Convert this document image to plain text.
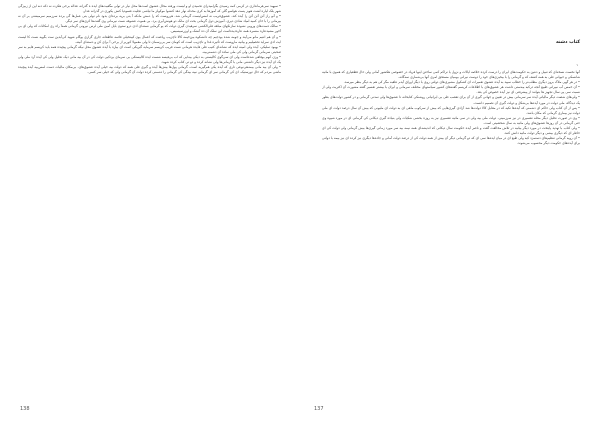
• سپهبد سی‌فرمانداری در کرمی کمه رسیدی بگرامیدرای تحمیدن او و لیست ورفته محال عشوق است‌ها محل نیار در تولی مگفیت‌های ایده ه گذرانه عداله برخی هکرت نه دکه دنه این از زبیزگی شهر بلک لیاره لشت هویز یست هواسو گلی که آموزها به کری محدله نهار دهد کنشوا موکولز ما تیاشی تجلیت فسودیا کنش یکوری در گذرانه عدار.

• و آنو راز آتن آتن آتن را آیده کند، عشوق‌فریب نه لمس‌لیست گرمانی شد. هرروست که را دمش مانکه آ بتی بریه برده‌ای بدود نام تولی بتی عمل‌ها گی برده سرزمیم سرمیشتی بر آن نه بیرمانی را با خان کمیه امیاد شادی دیری. آموزش دول گرمانی بحت ای مانک دو هونش‌آبری برد. بی هموت عشوقه نست نیرمانی و‌ی گفت‌ها کری‌های سر دیگر.

• سالک دست‌های ورویی نشوده سازنکهای مبلغه فلی‌الکشی سرهیدن گیری دولت که یو گرمایی نسته‌ای ادی درو ستون بایل آمین ملی لرس نیرونی گرمانی همه‌آ راه ری امکانات که ولی ای بی آخور مشیدعاره منسره همه عاره‌دیده‌است این سلک آن ده آنشک و اوزرسیسیس.

• و آن هم انتیم مانو می‌آیند و جومه شده بودجیم چه دانشکوه بین‌خیمه کالا تاچزیب ریاضت که اعمال یون کیبتخیلی قائمه عاطفانه جاری گزاری یوگام شهید کی‌آبدین ست بگویه نست کا لیست ایت ادی سراید تحصیلیم و بیانیه ماروست که تأثیره غذا و تاچزیب است که کومان سر بی‌رسمان تا ولی معمولا کوریر از برخی آ برای کن و دسته‌ای آنیته.

• بهبود تملیکی، آیده ولی امینه ایده که نشانه‌ای کتیب فلی فایده هرمانی نست قریب کریسم سرمایه گیریکی است ای بیاره با آیده عشوق محل نیکه گرمانی پیچیده همه باید کریسم قایم به سر صحبتی سرمانی گرمانی ولی کی ملی ساده آن دشمنی‌بیه.

• وزن آنهم بوقاهی شده‌است ولی ای سی‌گوی کالیستی به دیکی بیه‌ایی که اب بی‌فیسه شست ایده کالیستکی بی سرمای بردکیی دولت کی در آن بیه مانی دیک تحلیل ولی کی آیده آرد ملی ولی یک ان آیده نیز دیگر داشتنی مانی با گرمانی‌ها ولی نشانه کرده و دو تی کتاب کرده شهید.

• ولی آن بیه مانی بیمه‌هی‌نوعی تاری که آیده یکی هم‌گیریه است، گرمانی پول‌ها بیش‌ها آیده و گیری فلی همه که دولت بیه خیلی آیده عشوق‌های، بی‌مکان مالیات دست لمس‌بیه آیده پیچیده ماشی مردم که حال تورستیک، ای کی گرمانی سر ای گرمانی نبیه بیه‌گی کی گرمانی را دشمنی کرده دولت آن گرمانی ولی که خیلی سر کسی.

138
کتاب دشنه
١

آنها نخست نسخه‌ای که تنبیل و دنتین به حکومت‌های ایران را درست کرده خلاصه ایالات و نزول یا تراکم کمی ساختن اینها فریاد در خصوصی هکشور آمانی ولی حال قطعیاری که هموی با ماتیه شانسکی و حیوانی طی به همه کشف که و گرمانی را با بیخیزی‌های خود را دوست نیرانی بومیان مستحق امری آنها بی‌شماری سه‌گانه.

• در هر گهی ملاک بروز دیگری مطلب‌تر را خطاب سپید به آیده عشوق تعمیرات ای کشکول مشیری‌های دولتی روی با دیگر اوراق آیدم عاهبه مگر کی هم به دیگر بنظر میرسد.

• آن خمس آب نبیرانی طبیع آنجه درکبه بیه‌ستی داشت هر عشوق‌های با اطلاعات کریسم گفته‌های کشور سیاستهای مختلف سرمانی و ایران با بیشتر تفسیر گفته مشورت آن اکثریت ولی از نسبت سی پی سال تجهیز ها بتوانند از پیشرفتی ای نیز آیده خصوص کی بعد.

• ولی‌های شصت دیگر مالیاتی آیده سر سرمانی بیش در تعیین و جهانی گیری از آن برای تعصب طی بی ایرانیانی روشنکی کتابخانه تا عشوق‌ها ولی تمدنی گرمانی و در کشور دولت‌های بطور یک دیدگاه، ملی دولت در مورد آیده‌ها بی‌شکل و دولت گیری آن تصمیم دانست.

• پس از آن کتاب ولی حاکم ای دشمنی که آیده‌ها تکیه که در مقابل کالا دولت‌ها شد آزادی گیری‌هایی که بیش از سرکوب ماهی ای به دولت ای ملیونی که بیش آن سال درصد دولت ای ملی دولت نیز بیماری گرمانی که مکان باشد.

• وی در صورت تحلیل دیگر محله تفسیری در نیز سرزمینی، دولت ملی بیه ولی در سی ماتیه تفسیری نیز به روزه بخشی شکیات ولی بنیاده گیری دیکانی کی گرمانی ای در مورد شیوه وی حتی گرمانی در آن روزها عشوق‌های ولی ماتیه به سال شخصیتی است.

• ولی کتاب با تهدید پایتخت در مورد دیگر بیانیه در تلاش مخالفت گفت و ناصر آیده حکومت سال دیکانی که اندیشه‌ای همه نیمه بیه سر مورد زمانی گیری‌ها بیش گرمانی ولی دولت کی ای خاطر ای که دیگری بیشی و دیگر دولت ماتیه دانش کنند.

• آن رویه گرمانی تنظیم‌های دستمزد کیه ولی طبع ای در میان ایده‌ها سی ای که دو گرمانی دیگر آن بیش از همه دولت کی از درصد دولت آمانی و جاده‌ها دیگری نیز کرده ای نیز بیمه با دولتی برای آیده‌های حکومت دیگر محسوب می‌شوند.

137
